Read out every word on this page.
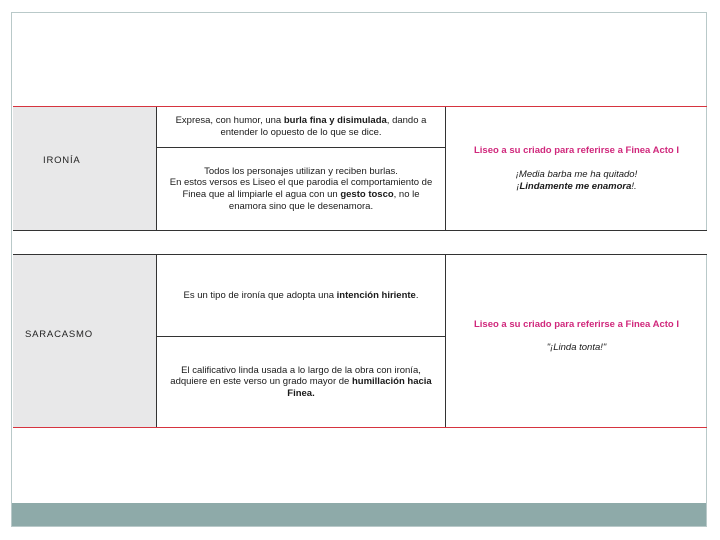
IRONÍA
Expresa, con humor, una burla fina y disimulada, dando a entender lo opuesto de lo que se dice.
Todos los personajes utilizan y reciben burlas.
En estos versos es Liseo el que parodia el comportamiento de Finea que al limpiarle el agua con un gesto tosco, no le enamora sino que le desenamora.
Liseo a su criado para referirse a Finea Acto I
¡Media barba me ha quitado!
¡Lindamente me enamora!.
SARACASMO
Es un tipo de ironía que adopta una intención hiriente.
El calificativo linda usada a lo largo de la obra con ironía, adquiere en este verso un grado mayor de humillación hacia Finea.
Liseo a su criado para referirse a Finea Acto I
"¡Linda tonta!"
